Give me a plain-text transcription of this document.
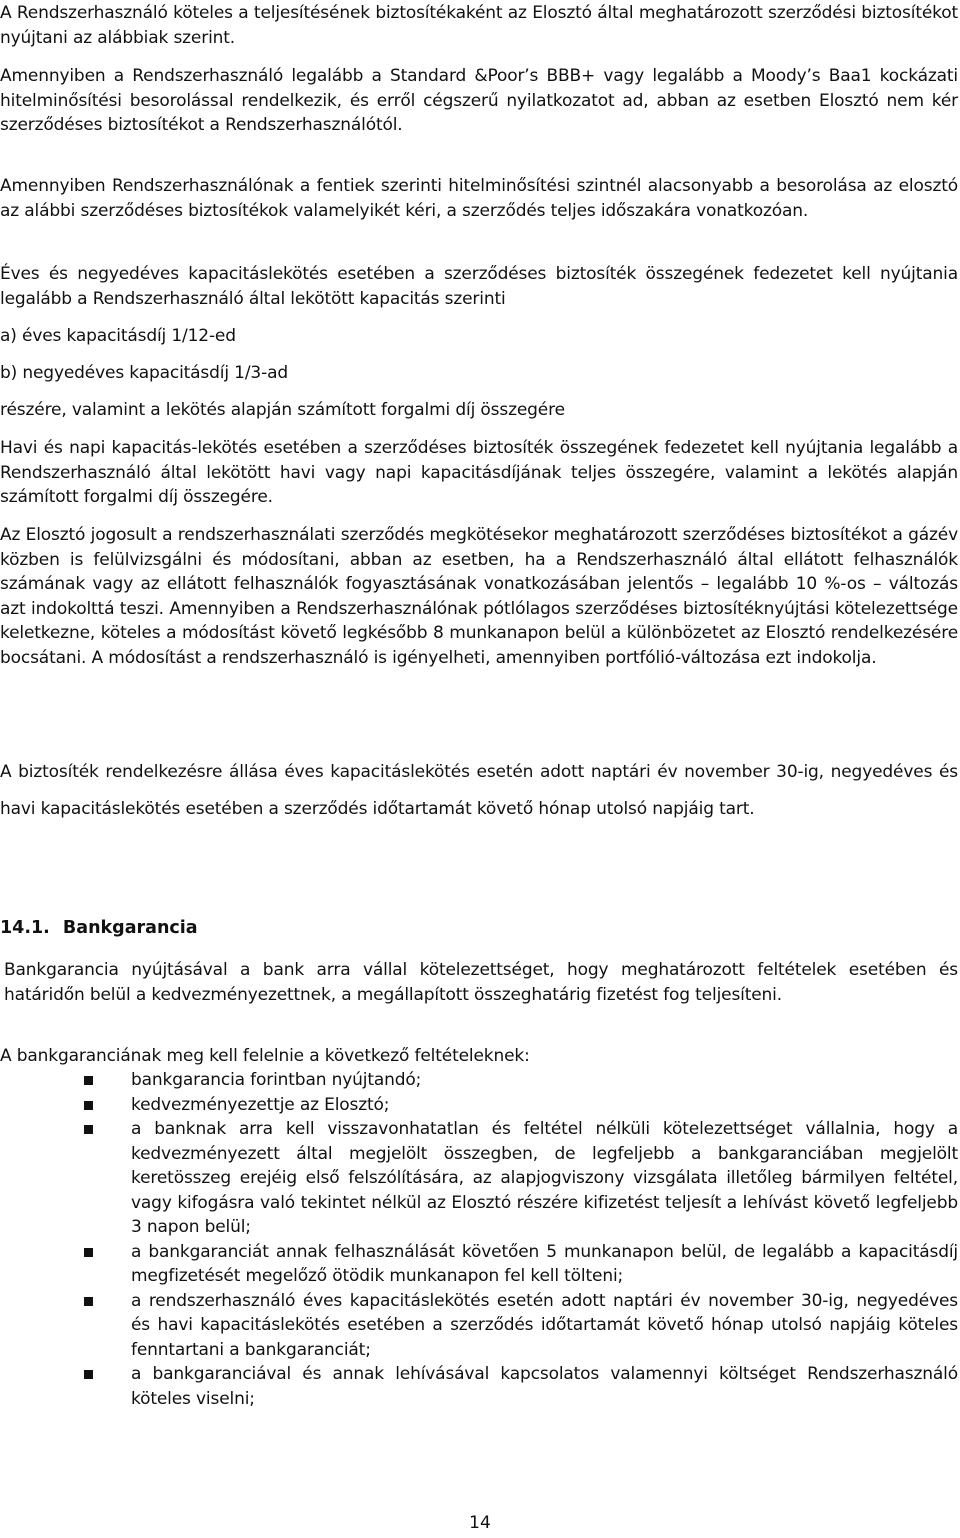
A Rendszerhasználó köteles a teljesítésének biztosítékaként az Elosztó által meghatározott szerződési biztosítékot nyújtani az alábbiak szerint.

Amennyiben a Rendszerhasználó legalább a Standard &Poor’s BBB+ vagy legalább a Moody’s Baa1 kockázati hitelminősítési besorolással rendelkezik, és erről cégszerű nyilatkozatot ad, abban az esetben Elosztó nem kér szerződéses biztosítékot a Rendszerhasználótól.

Amennyiben Rendszerhasználónak a fentiek szerinti hitelminősítési szintnél alacsonyabb a besorolása az elosztó az alábbi szerződéses biztosítékok valamelyikét kéri, a szerződés teljes időszakára vonatkozóan.

Éves és negyedéves kapacitáslekötés esetében a szerződéses biztosíték összegének fedezetet kell nyújtania legalább a Rendszerhasználó által lekötött kapacitás szerinti

a) éves kapacitásdíj 1/12-ed

b) negyedéves kapacitásdíj 1/3-ad

részére, valamint a lekötés alapján számított forgalmi díj összegére

Havi és napi kapacitás-lekötés esetében a szerződéses biztosíték összegének fedezetet kell nyújtania legalább a Rendszerhasználó által lekötött havi vagy napi kapacitásdíjának teljes összegére, valamint a lekötés alapján számított forgalmi díj összegére.

Az Elosztó jogosult a rendszerhasználati szerződés megkötésekor meghatározott szerződéses biztosítékot a gázév közben is felülvizsgálni és módosítani, abban az esetben, ha a Rendszerhasználó által ellátott felhasználók számának vagy az ellátott felhasználók fogyasztásának vonatkozásában jelentős – legalább 10 %-os – változás azt indokolttá teszi. Amennyiben a Rendszerhasználónak pótlólagos szerződéses biztosítéknyújtási kötelezettsége keletkezne, köteles a módosítást követő legkésőbb 8 munkanapon belül a különbözetet az Elosztó rendelkezésére bocsátani. A módosítást a rendszerhasználó is igényelheti, amennyiben portfólió-változása ezt indokolja.

A biztosíték rendelkezésre állása éves kapacitáslekötés esetén adott naptári év november 30-ig, negyedéves és havi kapacitáslekötés esetében a szerződés időtartamát követő hónap utolsó napjáig tart.

14.1. Bankgarancia

Bankgarancia nyújtásával a bank arra vállal kötelezettséget, hogy meghatározott feltételek esetében és határidőn belül a kedvezményezettnek, a megállapított összeghatárig fizetést fog teljesíteni.

A bankgaranciának meg kell felelnie a következő feltételeknek:

bankgarancia forintban nyújtandó;
kedvezményezettje az Elosztó;
a banknak arra kell visszavonhatatlan és feltétel nélküli kötelezettséget vállalnia, hogy a kedvezményezett által megjelölt összegben, de legfeljebb a bankgaranciában megjelölt keretösszeg erejéig első felszólítására, az alapjogviszony vizsgálata illetőleg bármilyen feltétel, vagy kifogásra való tekintet nélkül az Elosztó részére kifizetést teljesít a lehívást követő legfeljebb 3 napon belül;
a bankgaranciát annak felhasználását követően 5 munkanapon belül, de legalább a kapacitásdíj megfizetését megelőző ötödik munkanapon fel kell tölteni;
a rendszerhasználó éves kapacitáslekötés esetén adott naptári év november 30-ig, negyedéves és havi kapacitáslekötés esetében a szerződés időtartamát követő hónap utolsó napjáig köteles fenntartani a bankgaranciát;
a bankgaranciával és annak lehívásával kapcsolatos valamennyi költséget Rendszerhasználó köteles viselni;
14
